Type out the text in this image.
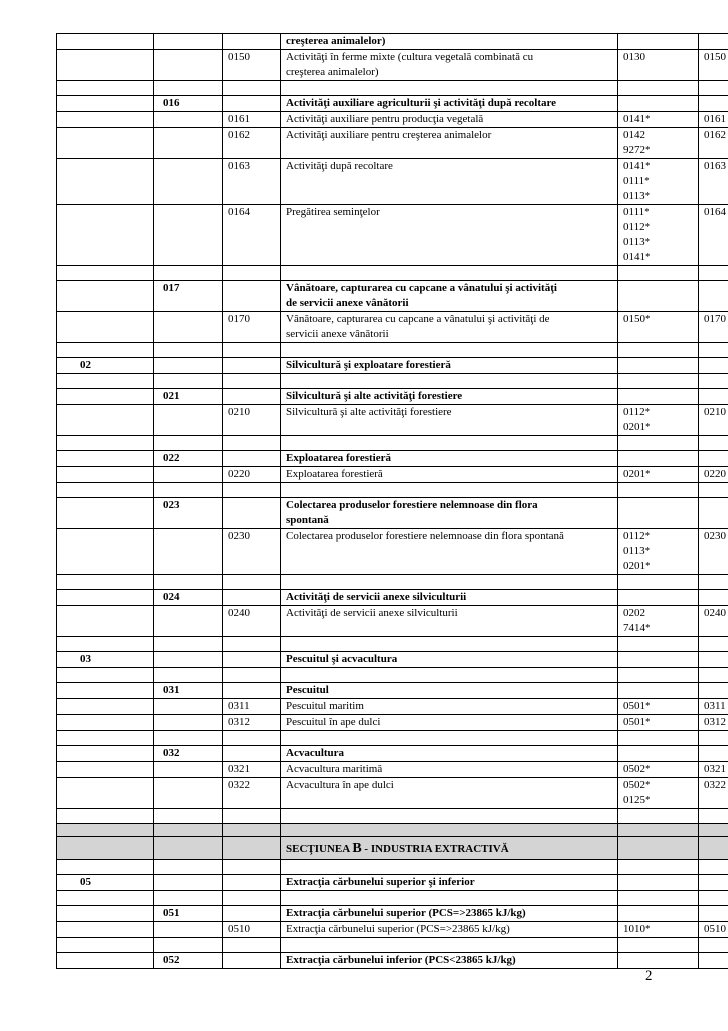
			creşterea animalelor)		
		0150	Activităţi în ferme mixte (cultura vegetală combinată cu
creşterea animalelor)	0130	0150

	016		Activităţi auxiliare agriculturii şi activităţi după recoltare		
		0161	Activităţi auxiliare pentru producţia vegetală	0141*	0161
		0162	Activităţi auxiliare pentru creşterea animalelor	0142
9272*	0162
		0163	Activităţi după recoltare	0141*
0111*
0113*	0163
		0164	Pregătirea seminţelor	0111*
0112*
0113*
0141*	0164

	017		Vânătoare, capturarea cu capcane a vânatului şi activităţi
de servicii anexe vânătorii		
		0170	Vânătoare, capturarea cu capcane a vânatului şi activităţi de
servicii anexe vânătorii	0150*	0170

02			Silvicultură şi exploatare forestieră		

	021		Silvicultură şi alte activităţi forestiere		
		0210	Silvicultură şi alte activităţi forestiere	0112*
0201*	0210

	022		Exploatarea forestieră		
		0220	Exploatarea forestieră	0201*	0220

	023		Colectarea produselor forestiere nelemnoase din flora
spontană		
		0230	Colectarea produselor forestiere nelemnoase din flora spontană	0112*
0113*
0201*	0230

	024		Activităţi de servicii anexe silviculturii		
		0240	Activităţi de servicii anexe silviculturii	0202
7414*	0240

03			Pescuitul şi acvacultura		

	031		Pescuitul		
		0311	Pescuitul maritim	0501*	0311
		0312	Pescuitul în ape dulci	0501*	0312

	032		Acvacultura		
		0321	Acvacultura maritimă	0502*	0321
		0322	Acvacultura în ape dulci	0502*
0125*	0322

			SECŢIUNEA B - INDUSTRIA EXTRACTIVĂ		

05			Extracţia cărbunelui superior şi inferior		

	051		Extracţia cărbunelui superior (PCS=>23865 kJ/kg)		
		0510	Extracţia cărbunelui superior (PCS=>23865 kJ/kg)	1010*	0510

	052		Extracţia cărbunelui inferior (PCS<23865 kJ/kg)		
2
